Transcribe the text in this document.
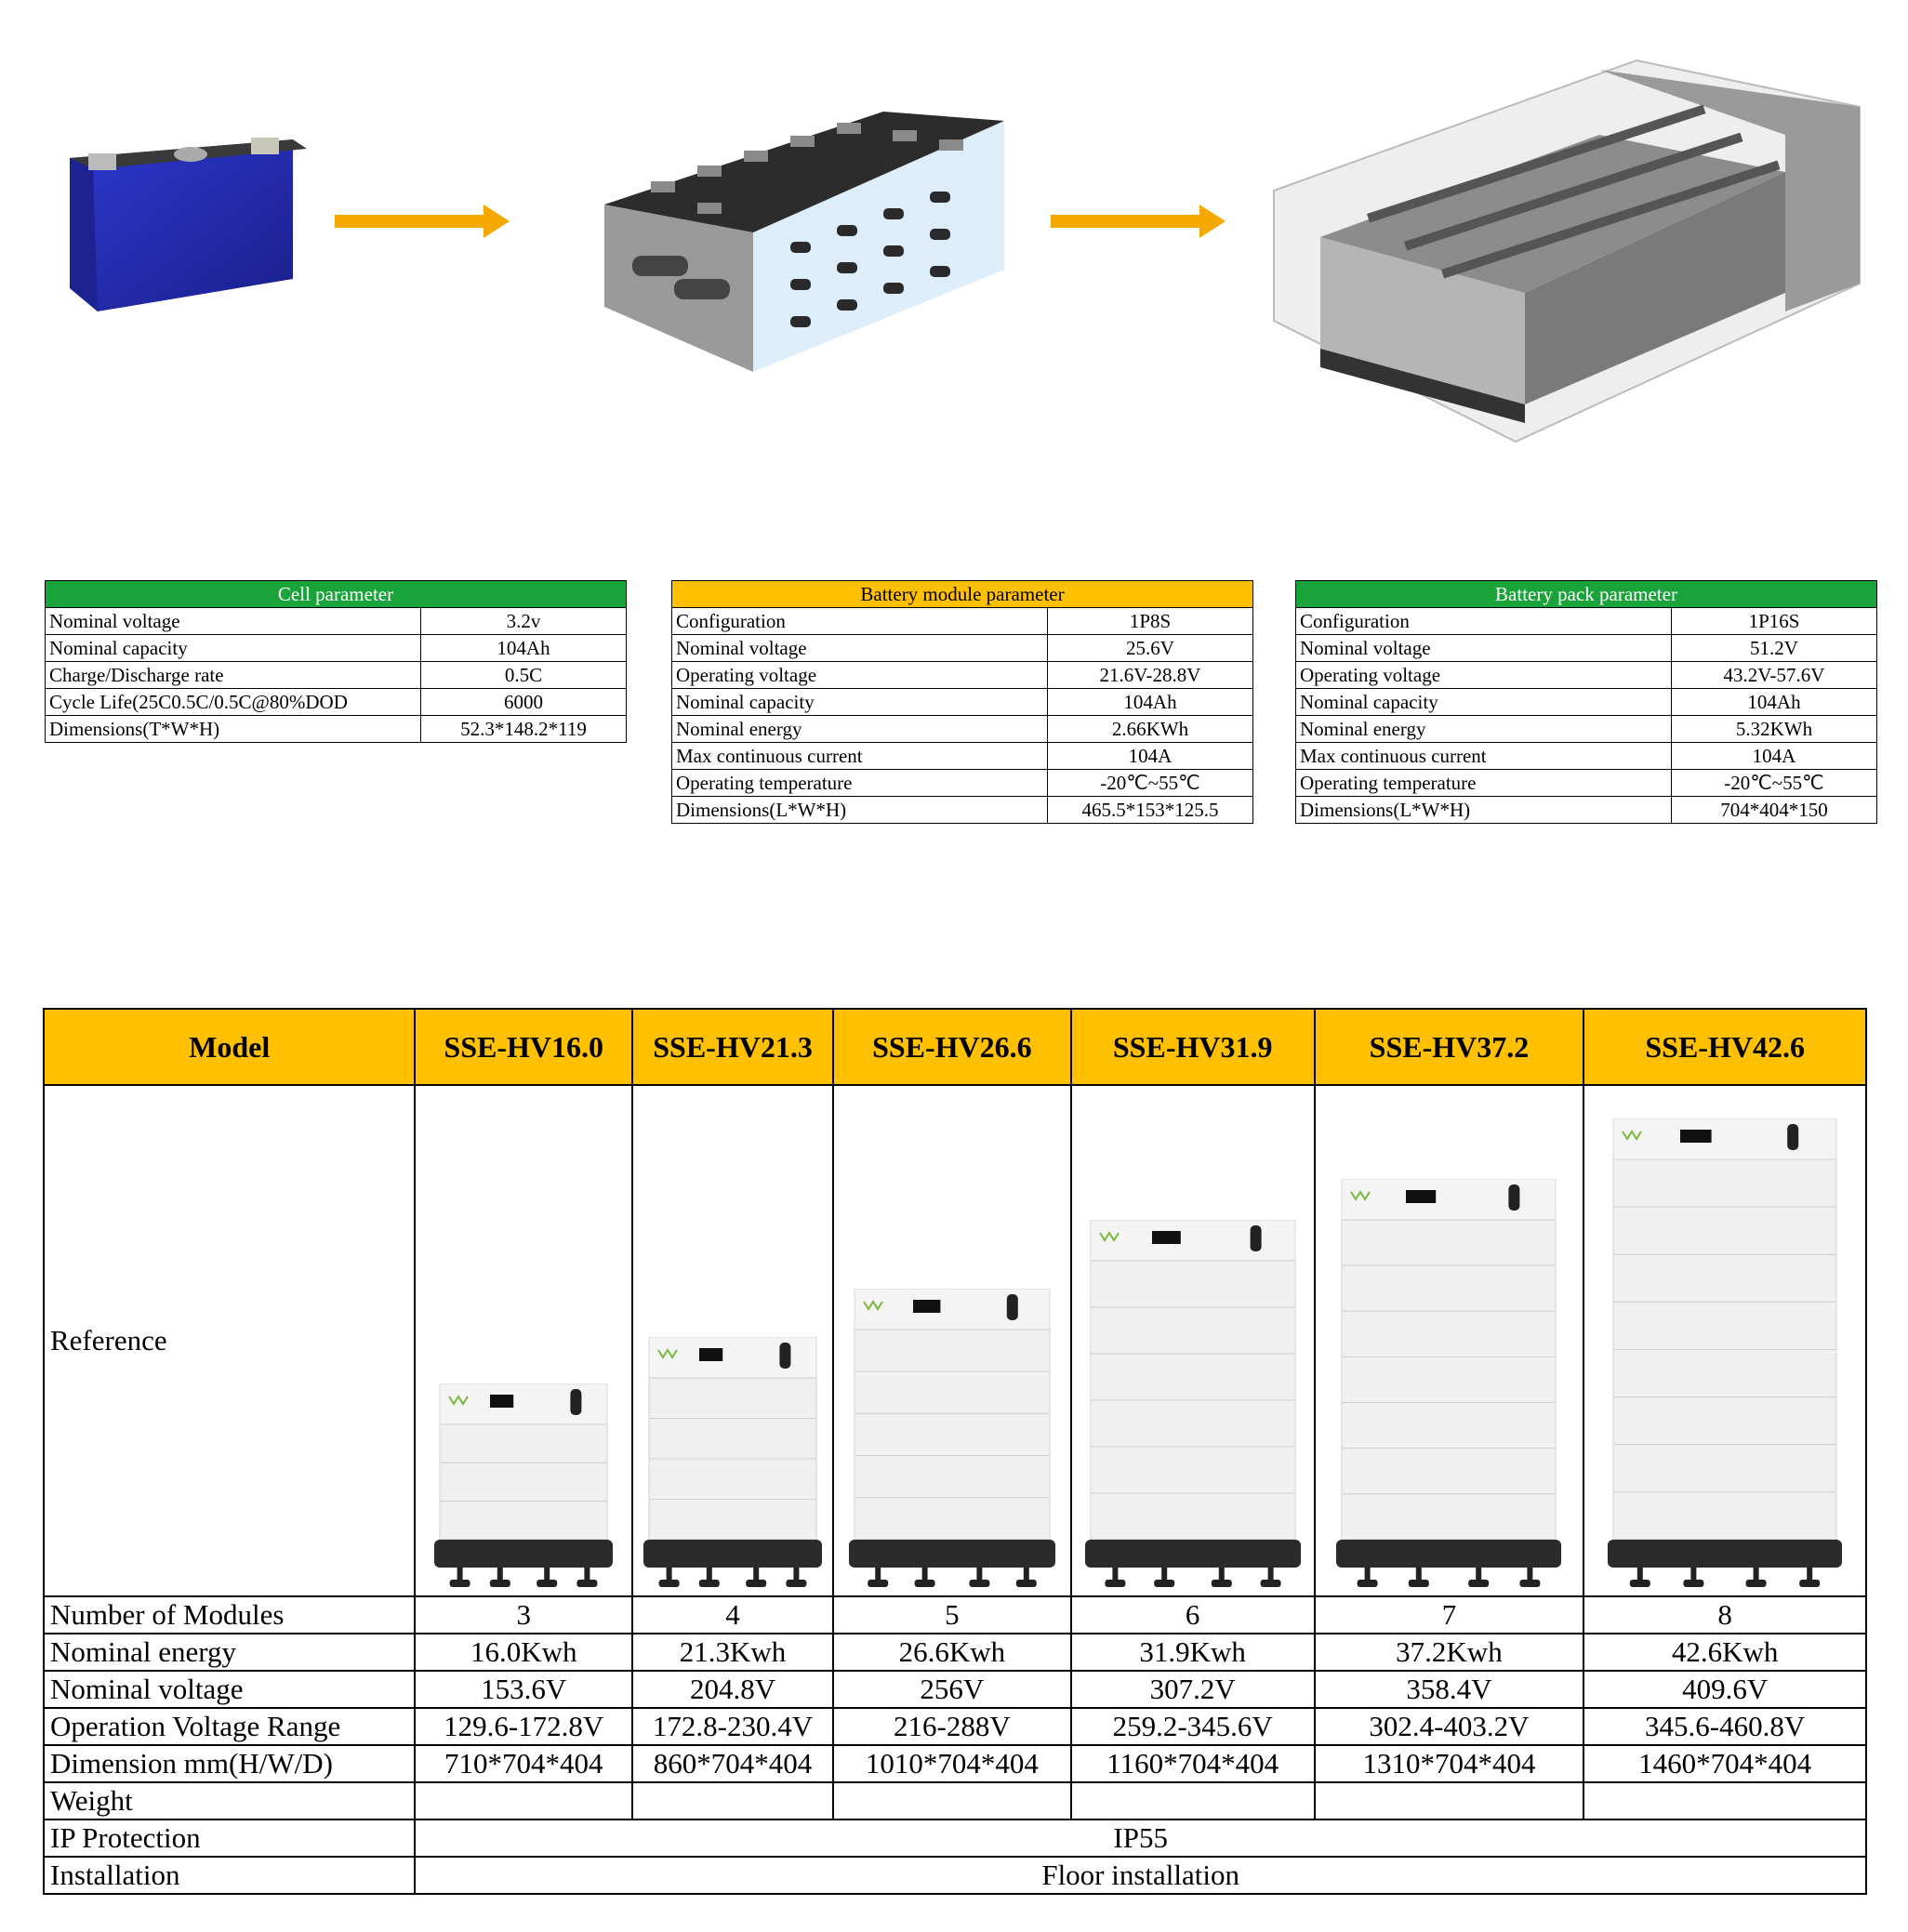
Cell parameter	
Nominal voltage	3.2v
Nominal capacity	104Ah
Charge/Discharge rate	0.5C
Cycle Life(25C0.5C/0.5C@80%DOD	6000
Dimensions(T*W*H)	52.3*148.2*119
Battery module parameter	
Configuration	1P8S
Nominal voltage	25.6V
Operating voltage	21.6V-28.8V
Nominal capacity	104Ah
Nominal energy	2.66KWh
Max continuous current	104A
Operating temperature	-20℃~55℃
Dimensions(L*W*H)	465.5*153*125.5
Battery pack parameter	
Configuration	1P16S
Nominal voltage	51.2V
Operating voltage	43.2V-57.6V
Nominal capacity	104Ah
Nominal energy	5.32KWh
Max continuous current	104A
Operating temperature	-20℃~55℃
Dimensions(L*W*H)	704*404*150
Model	SSE-HV16.0	SSE-HV21.3	SSE-HV26.6	SSE-HV31.9	SSE-HV37.2	SSE-HV42.6
Reference	

Number of Modules	3	4	5	6	7	8
Nominal energy	16.0Kwh	21.3Kwh	26.6Kwh	31.9Kwh	37.2Kwh	42.6Kwh
Nominal voltage	153.6V	204.8V	256V	307.2V	358.4V	409.6V
Operation Voltage Range	129.6-172.8V	172.8-230.4V	216-288V	259.2-345.6V	302.4-403.2V	345.6-460.8V
Dimension mm(H/W/D)	710*704*404	860*704*404	1010*704*404	1160*704*404	1310*704*404	1460*704*404
Weight						
IP Protection	IP55					
Installation	Floor installation					
